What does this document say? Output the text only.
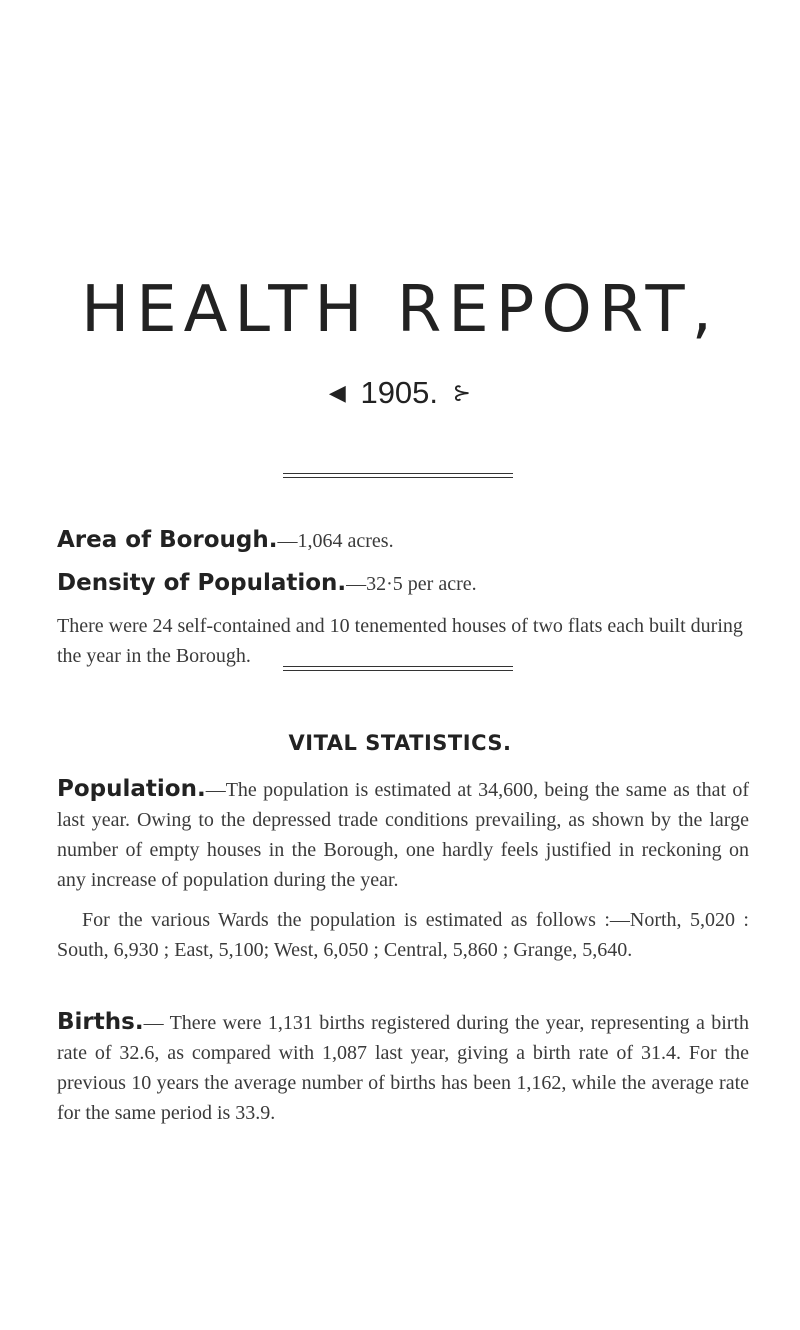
HEALTH REPORT,
◀ 1905. ⊱

Area of Borough.—1,064 acres.

Density of Population.—32·5 per acre.

There were 24 self-contained and 10 tenemented houses of two flats each built during the year in the Borough.

VITAL STATISTICS.

Population.—The population is estimated at 34,600, being the same as that of last year. Owing to the depressed trade conditions prevailing, as shown by the large number of empty houses in the Borough, one hardly feels justified in reckoning on any increase of population during the year.

For the various Wards the population is estimated as follows :—North, 5,020 : South, 6,930 ; East, 5,100; West, 6,050 ; Central, 5,860 ; Grange, 5,640.

Births.— There were 1,131 births registered during the year, representing a birth rate of 32.6, as compared with 1,087 last year, giving a birth rate of 31.4. For the previous 10 years the average number of births has been 1,162, while the average rate for the same period is 33.9.
